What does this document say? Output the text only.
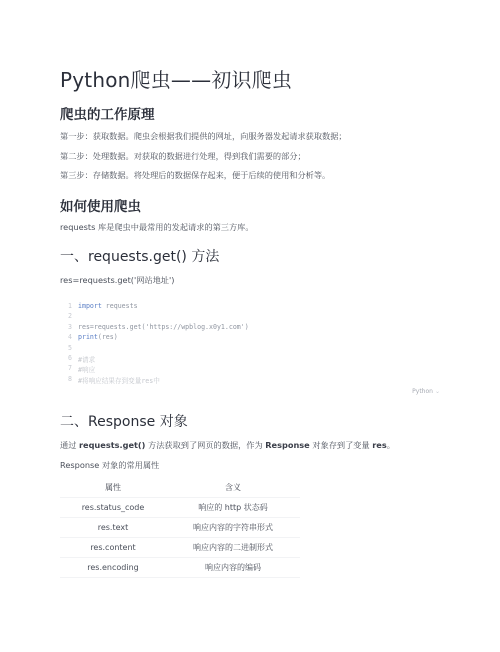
Python爬虫——初识爬虫
爬虫的工作原理
第一步：获取数据。爬虫会根据我们提供的网址，向服务器发起请求获取数据；
第二步：处理数据。对获取的数据进行处理，得到我们需要的部分；
第三步：存储数据。将处理后的数据保存起来，便于后续的使用和分析等。
如何使用爬虫
requests 库是爬虫中最常用的发起请求的第三方库。
一、requests.get() 方法
res=requests.get('网站地址')
Python ⌄
1 import requests
2
3 res=requests.get('https://wpblog.x0y1.com')
4 print(res)
5
6 #请求
7 #响应
8 #将响应结果存到变量res中
二、Response 对象
通过 requests.get() 方法获取到了网页的数据，作为 Response 对象存到了变量 res。
Response 对象的常用属性
属性	含义
res.status_code	响应的 http 状态码
res.text	响应内容的字符串形式
res.content	响应内容的二进制形式
res.encoding	响应内容的编码
